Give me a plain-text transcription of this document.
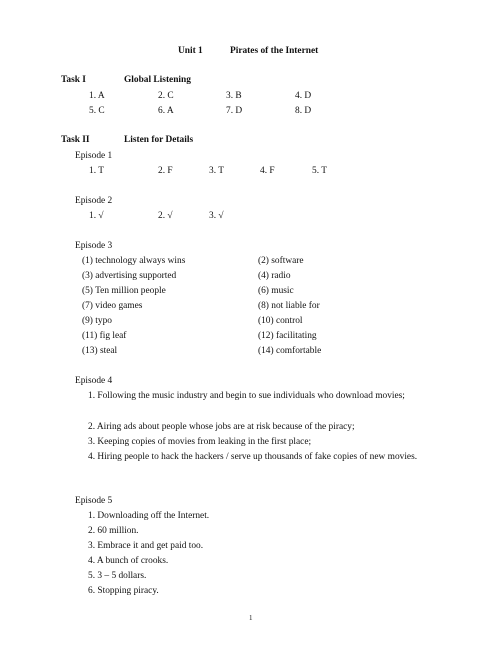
Unit 1	Pirates of the Internet
Task I	Global Listening
1. A	2. C	3. B	4. D
5. C	6. A	7. D	8. D
Task II	Listen for Details
Episode 1
1. T	2. F	3. T	4. F	5. T
Episode 2
1. √	2. √	3. √
Episode 3
(1) technology always wins	(2) software
(3) advertising supported	(4) radio
(5) Ten million people	(6) music
(7) video games	(8) not liable for
(9) typo	(10) control
(11) fig leaf	(12) facilitating
(13) steal	(14) comfortable
Episode 4
1. Following the music industry and begin to sue individuals who download movies;
2. Airing ads about people whose jobs are at risk because of the piracy;
3. Keeping copies of movies from leaking in the first place;
4. Hiring people to hack the hackers / serve up thousands of fake copies of new movies.
Episode 5
1. Downloading off the Internet.
2. 60 million.
3. Embrace it and get paid too.
4. A bunch of crooks.
5. 3 – 5 dollars.
6. Stopping piracy.
1
